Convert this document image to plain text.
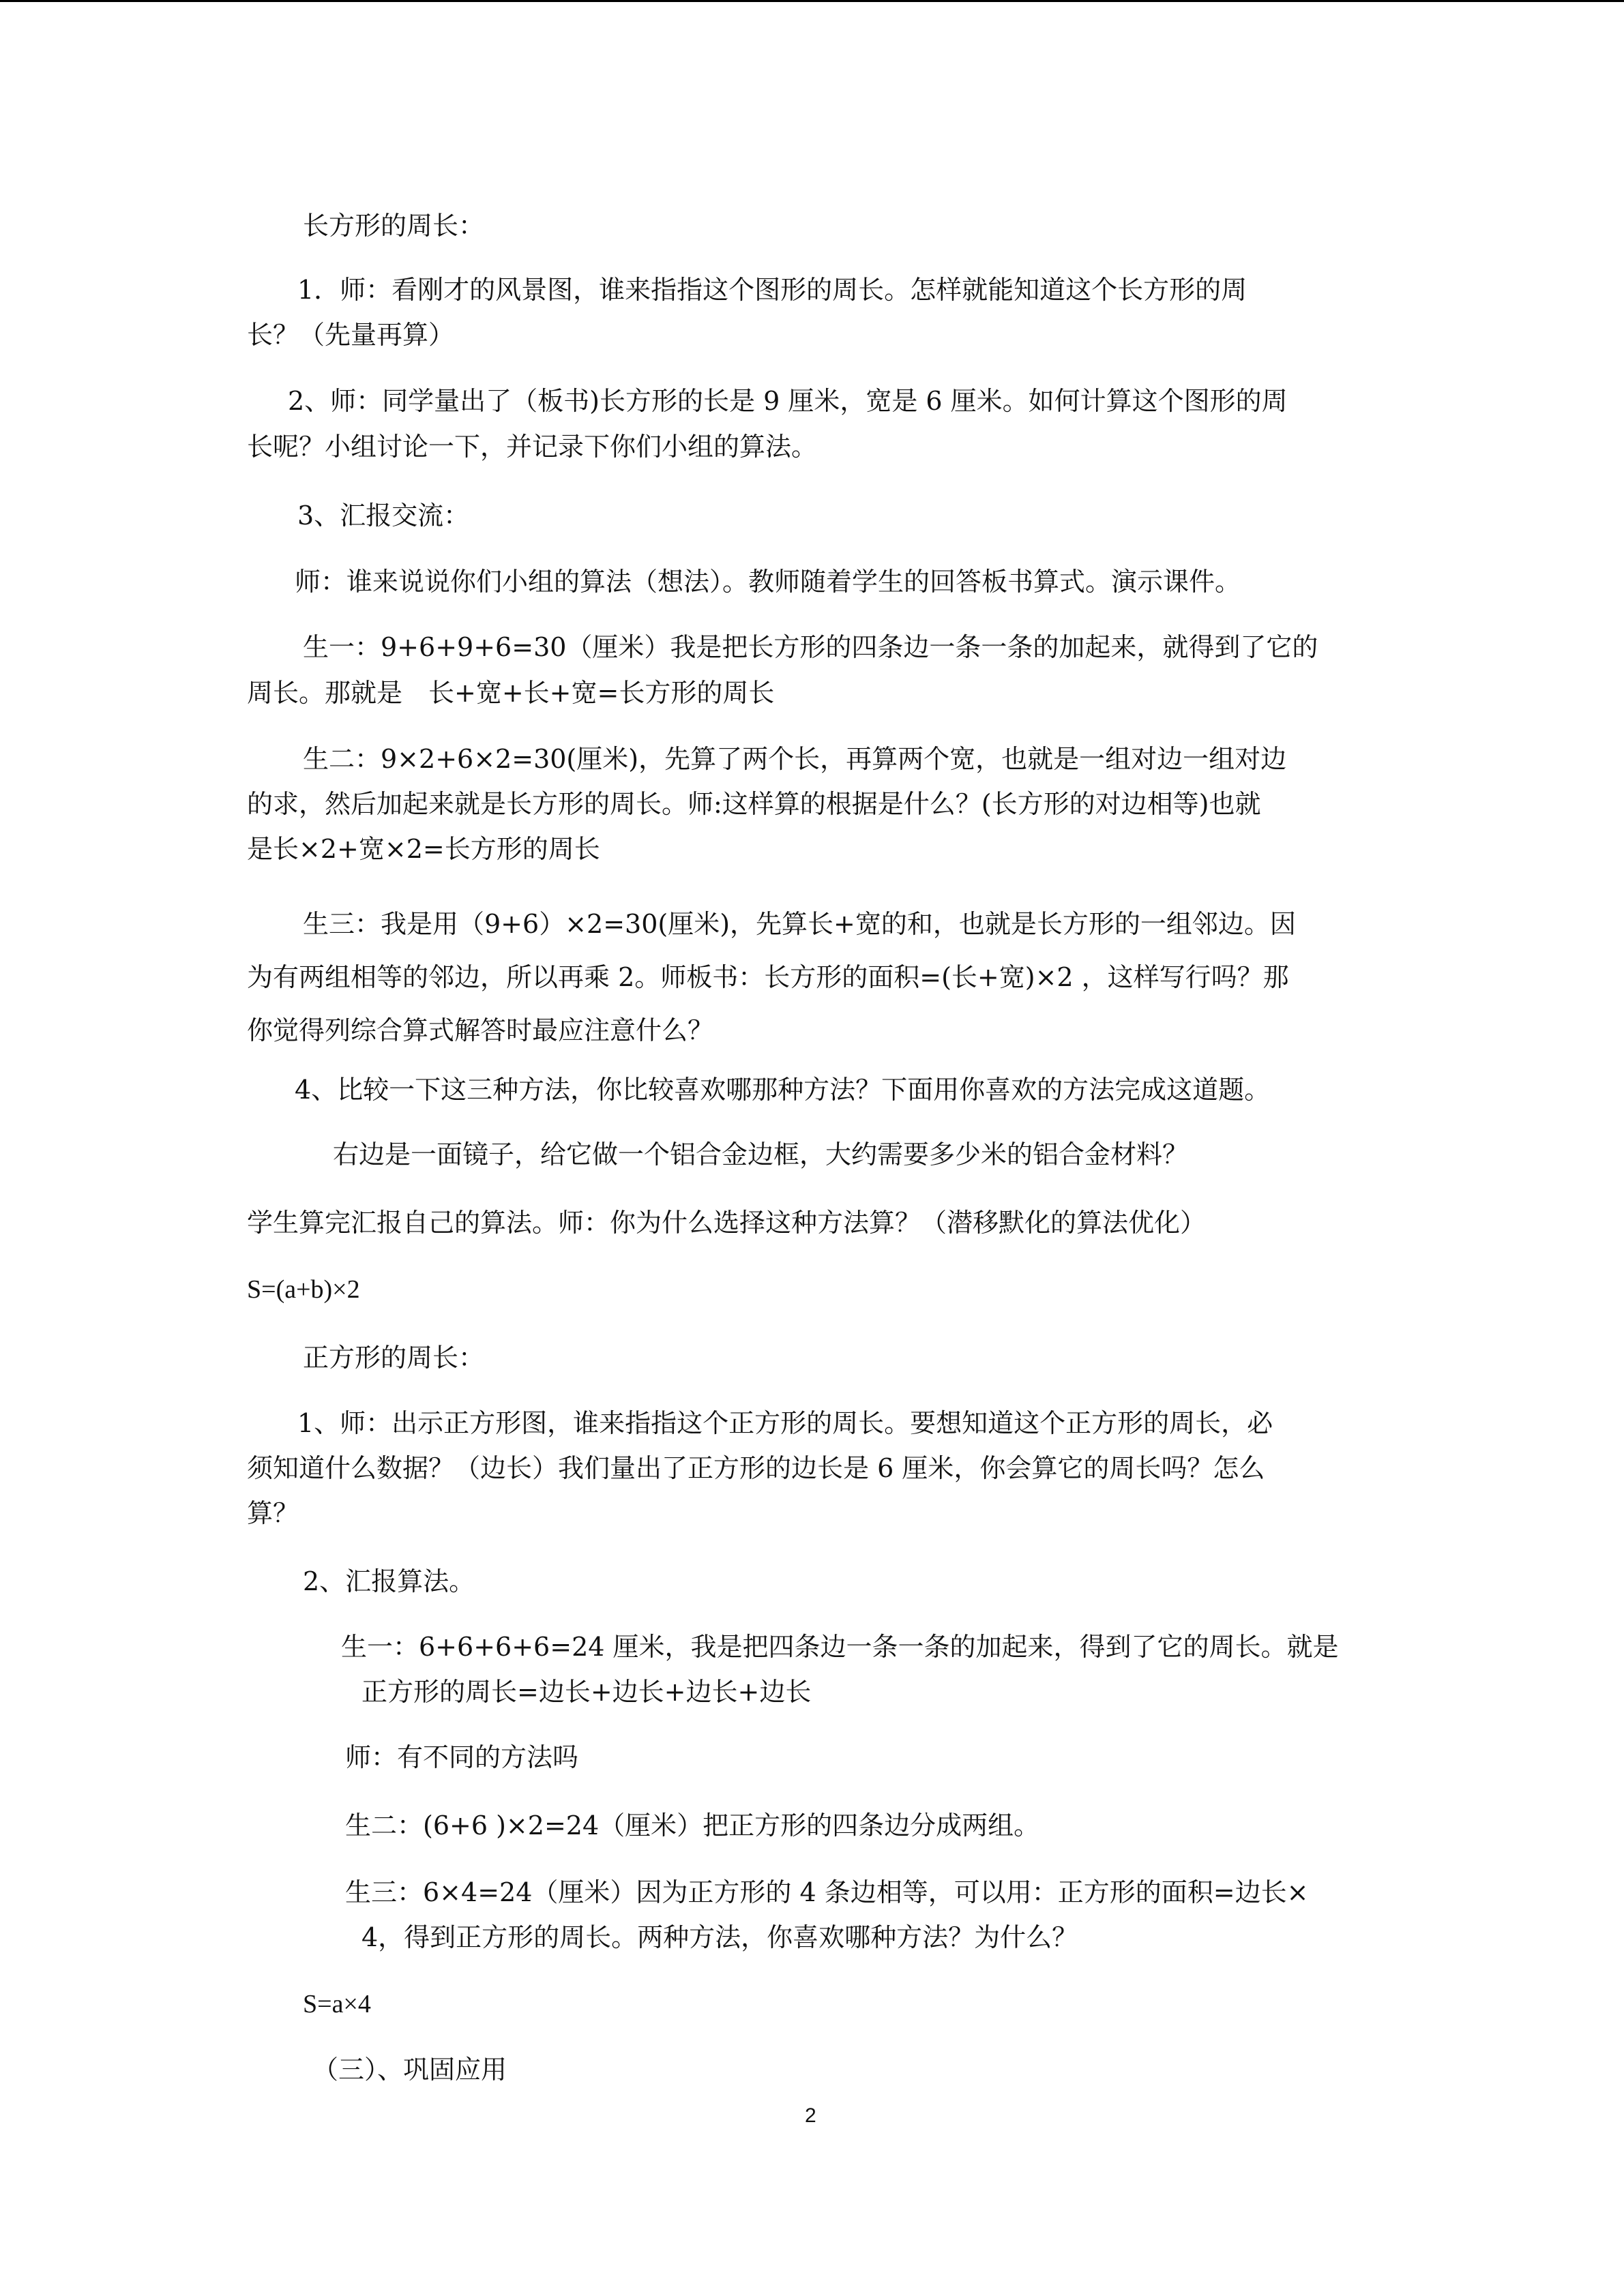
长方形的周长：
1．师：看刚才的风景图，谁来指指这个图形的周长。怎样就能知道这个长方形的周
长？（先量再算）
2、师：同学量出了（板书)长方形的长是 9 厘米，宽是 6 厘米。如何计算这个图形的周
长呢？小组讨论一下，并记录下你们小组的算法。
3、汇报交流：
师：谁来说说你们小组的算法（想法）。教师随着学生的回答板书算式。演示课件。
生一：9+6+9+6=30（厘米）我是把长方形的四条边一条一条的加起来，就得到了它的
周长。那就是　长+宽+长+宽=长方形的周长
生二：9×2+6×2=30(厘米)，先算了两个长，再算两个宽，也就是一组对边一组对边
的求，然后加起来就是长方形的周长。师:这样算的根据是什么？(长方形的对边相等)也就
是长×2+宽×2=长方形的周长
生三：我是用（9+6）×2=30(厘米)，先算长+宽的和，也就是长方形的一组邻边。因
为有两组相等的邻边，所以再乘 2。师板书：长方形的面积=(长+宽)×2 ，这样写行吗？那
你觉得列综合算式解答时最应注意什么？
4、比较一下这三种方法，你比较喜欢哪那种方法？下面用你喜欢的方法完成这道题。
右边是一面镜子，给它做一个铝合金边框，大约需要多少米的铝合金材料？
学生算完汇报自己的算法。师：你为什么选择这种方法算？（潜移默化的算法优化）
S=(a+b)×2
正方形的周长：
1、师：出示正方形图，谁来指指这个正方形的周长。要想知道这个正方形的周长，必
须知道什么数据？（边长）我们量出了正方形的边长是 6 厘米，你会算它的周长吗？怎么
算？
2、汇报算法。
生一：6+6+6+6=24 厘米，我是把四条边一条一条的加起来，得到了它的周长。就是
正方形的周长=边长+边长+边长+边长
师：有不同的方法吗
生二：(6+6 )×2=24（厘米）把正方形的四条边分成两组。
生三：6×4=24（厘米）因为正方形的 4 条边相等，可以用：正方形的面积=边长×
4，得到正方形的周长。两种方法，你喜欢哪种方法？为什么？
S=a×4
（三）、巩固应用
2
